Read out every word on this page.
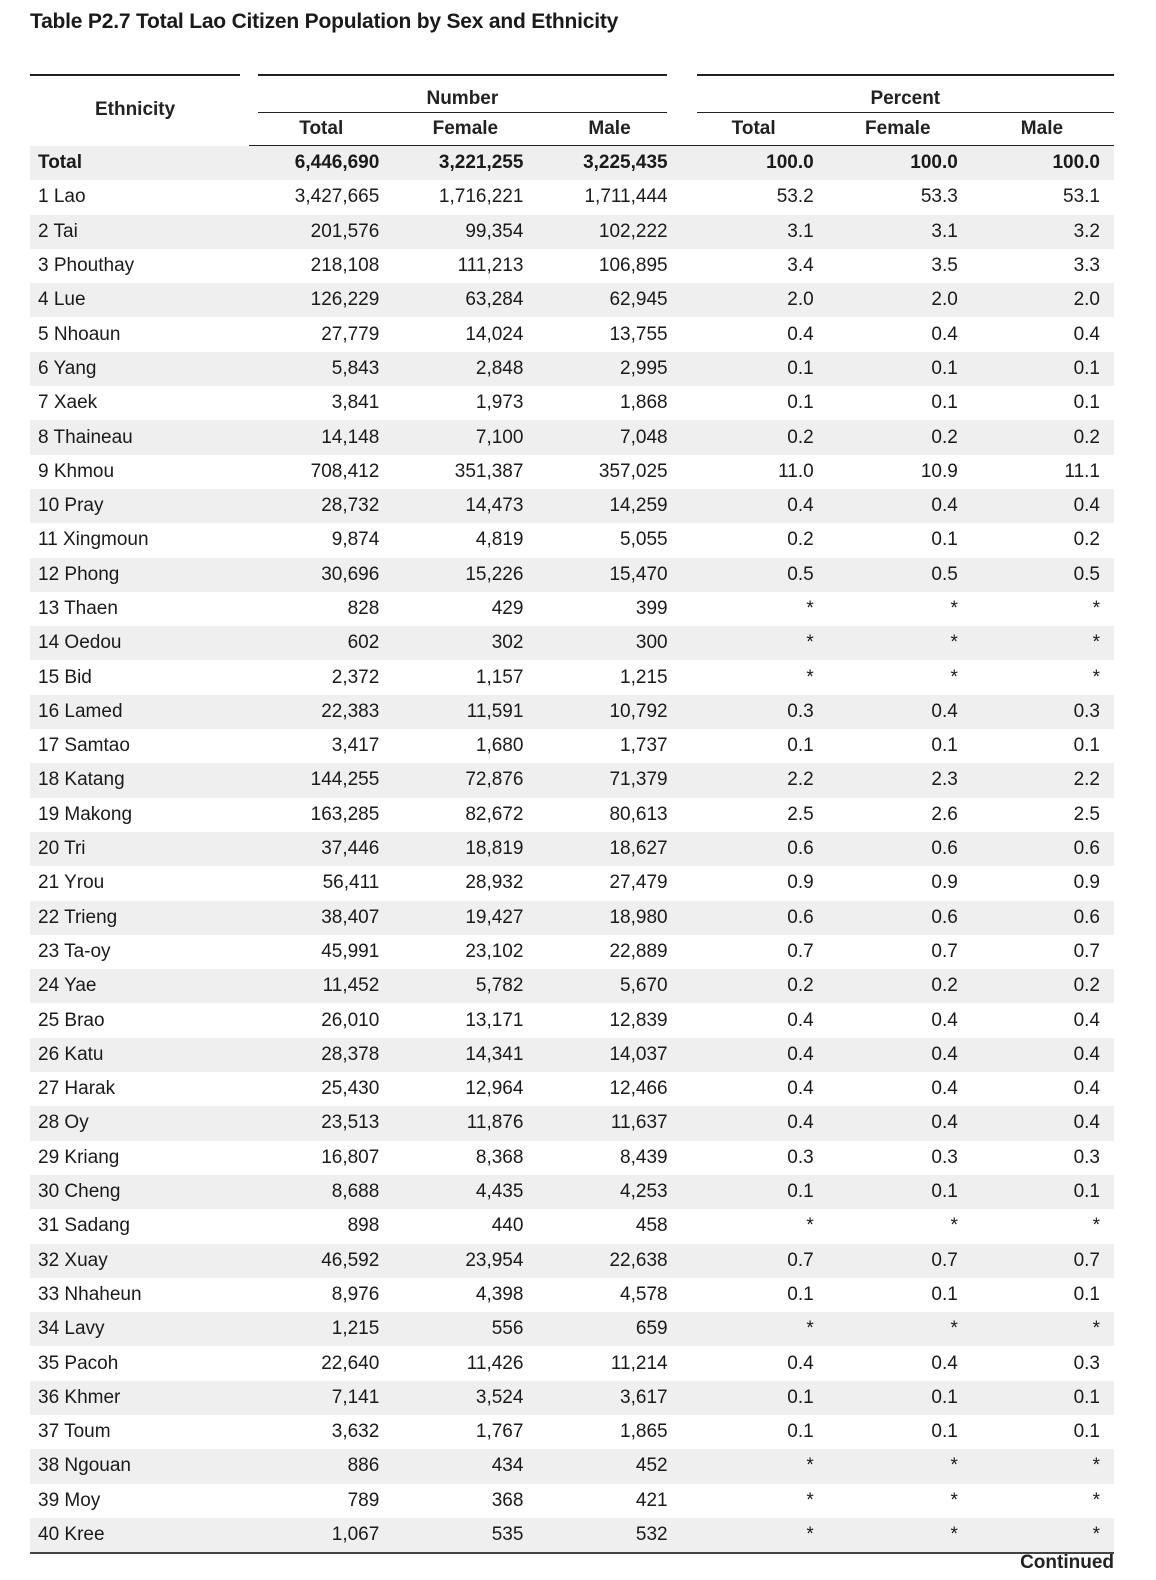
Table P2.7 Total Lao Citizen Population by Sex and Ethnicity
Ethnicity	Number			Percent		
	Total	Female	Male	Total	Female	Male
Total	6,446,690	3,221,255	3,225,435	100.0	100.0	100.0
1 Lao	3,427,665	1,716,221	1,711,444	53.2	53.3	53.1
2 Tai	201,576	99,354	102,222	3.1	3.1	3.2
3 Phouthay	218,108	111,213	106,895	3.4	3.5	3.3
4 Lue	126,229	63,284	62,945	2.0	2.0	2.0
5 Nhoaun	27,779	14,024	13,755	0.4	0.4	0.4
6 Yang	5,843	2,848	2,995	0.1	0.1	0.1
7 Xaek	3,841	1,973	1,868	0.1	0.1	0.1
8 Thaineau	14,148	7,100	7,048	0.2	0.2	0.2
9 Khmou	708,412	351,387	357,025	11.0	10.9	11.1
10 Pray	28,732	14,473	14,259	0.4	0.4	0.4
11 Xingmoun	9,874	4,819	5,055	0.2	0.1	0.2
12 Phong	30,696	15,226	15,470	0.5	0.5	0.5
13 Thaen	828	429	399	*	*	*
14 Oedou	602	302	300	*	*	*
15 Bid	2,372	1,157	1,215	*	*	*
16 Lamed	22,383	11,591	10,792	0.3	0.4	0.3
17 Samtao	3,417	1,680	1,737	0.1	0.1	0.1
18 Katang	144,255	72,876	71,379	2.2	2.3	2.2
19 Makong	163,285	82,672	80,613	2.5	2.6	2.5
20 Tri	37,446	18,819	18,627	0.6	0.6	0.6
21 Yrou	56,411	28,932	27,479	0.9	0.9	0.9
22 Trieng	38,407	19,427	18,980	0.6	0.6	0.6
23 Ta-oy	45,991	23,102	22,889	0.7	0.7	0.7
24 Yae	11,452	5,782	5,670	0.2	0.2	0.2
25 Brao	26,010	13,171	12,839	0.4	0.4	0.4
26 Katu	28,378	14,341	14,037	0.4	0.4	0.4
27 Harak	25,430	12,964	12,466	0.4	0.4	0.4
28 Oy	23,513	11,876	11,637	0.4	0.4	0.4
29 Kriang	16,807	8,368	8,439	0.3	0.3	0.3
30 Cheng	8,688	4,435	4,253	0.1	0.1	0.1
31 Sadang	898	440	458	*	*	*
32 Xuay	46,592	23,954	22,638	0.7	0.7	0.7
33 Nhaheun	8,976	4,398	4,578	0.1	0.1	0.1
34 Lavy	1,215	556	659	*	*	*
35 Pacoh	22,640	11,426	11,214	0.4	0.4	0.3
36 Khmer	7,141	3,524	3,617	0.1	0.1	0.1
37 Toum	3,632	1,767	1,865	0.1	0.1	0.1
38 Ngouan	886	434	452	*	*	*
39 Moy	789	368	421	*	*	*
40 Kree	1,067	535	532	*	*	*
Continued
